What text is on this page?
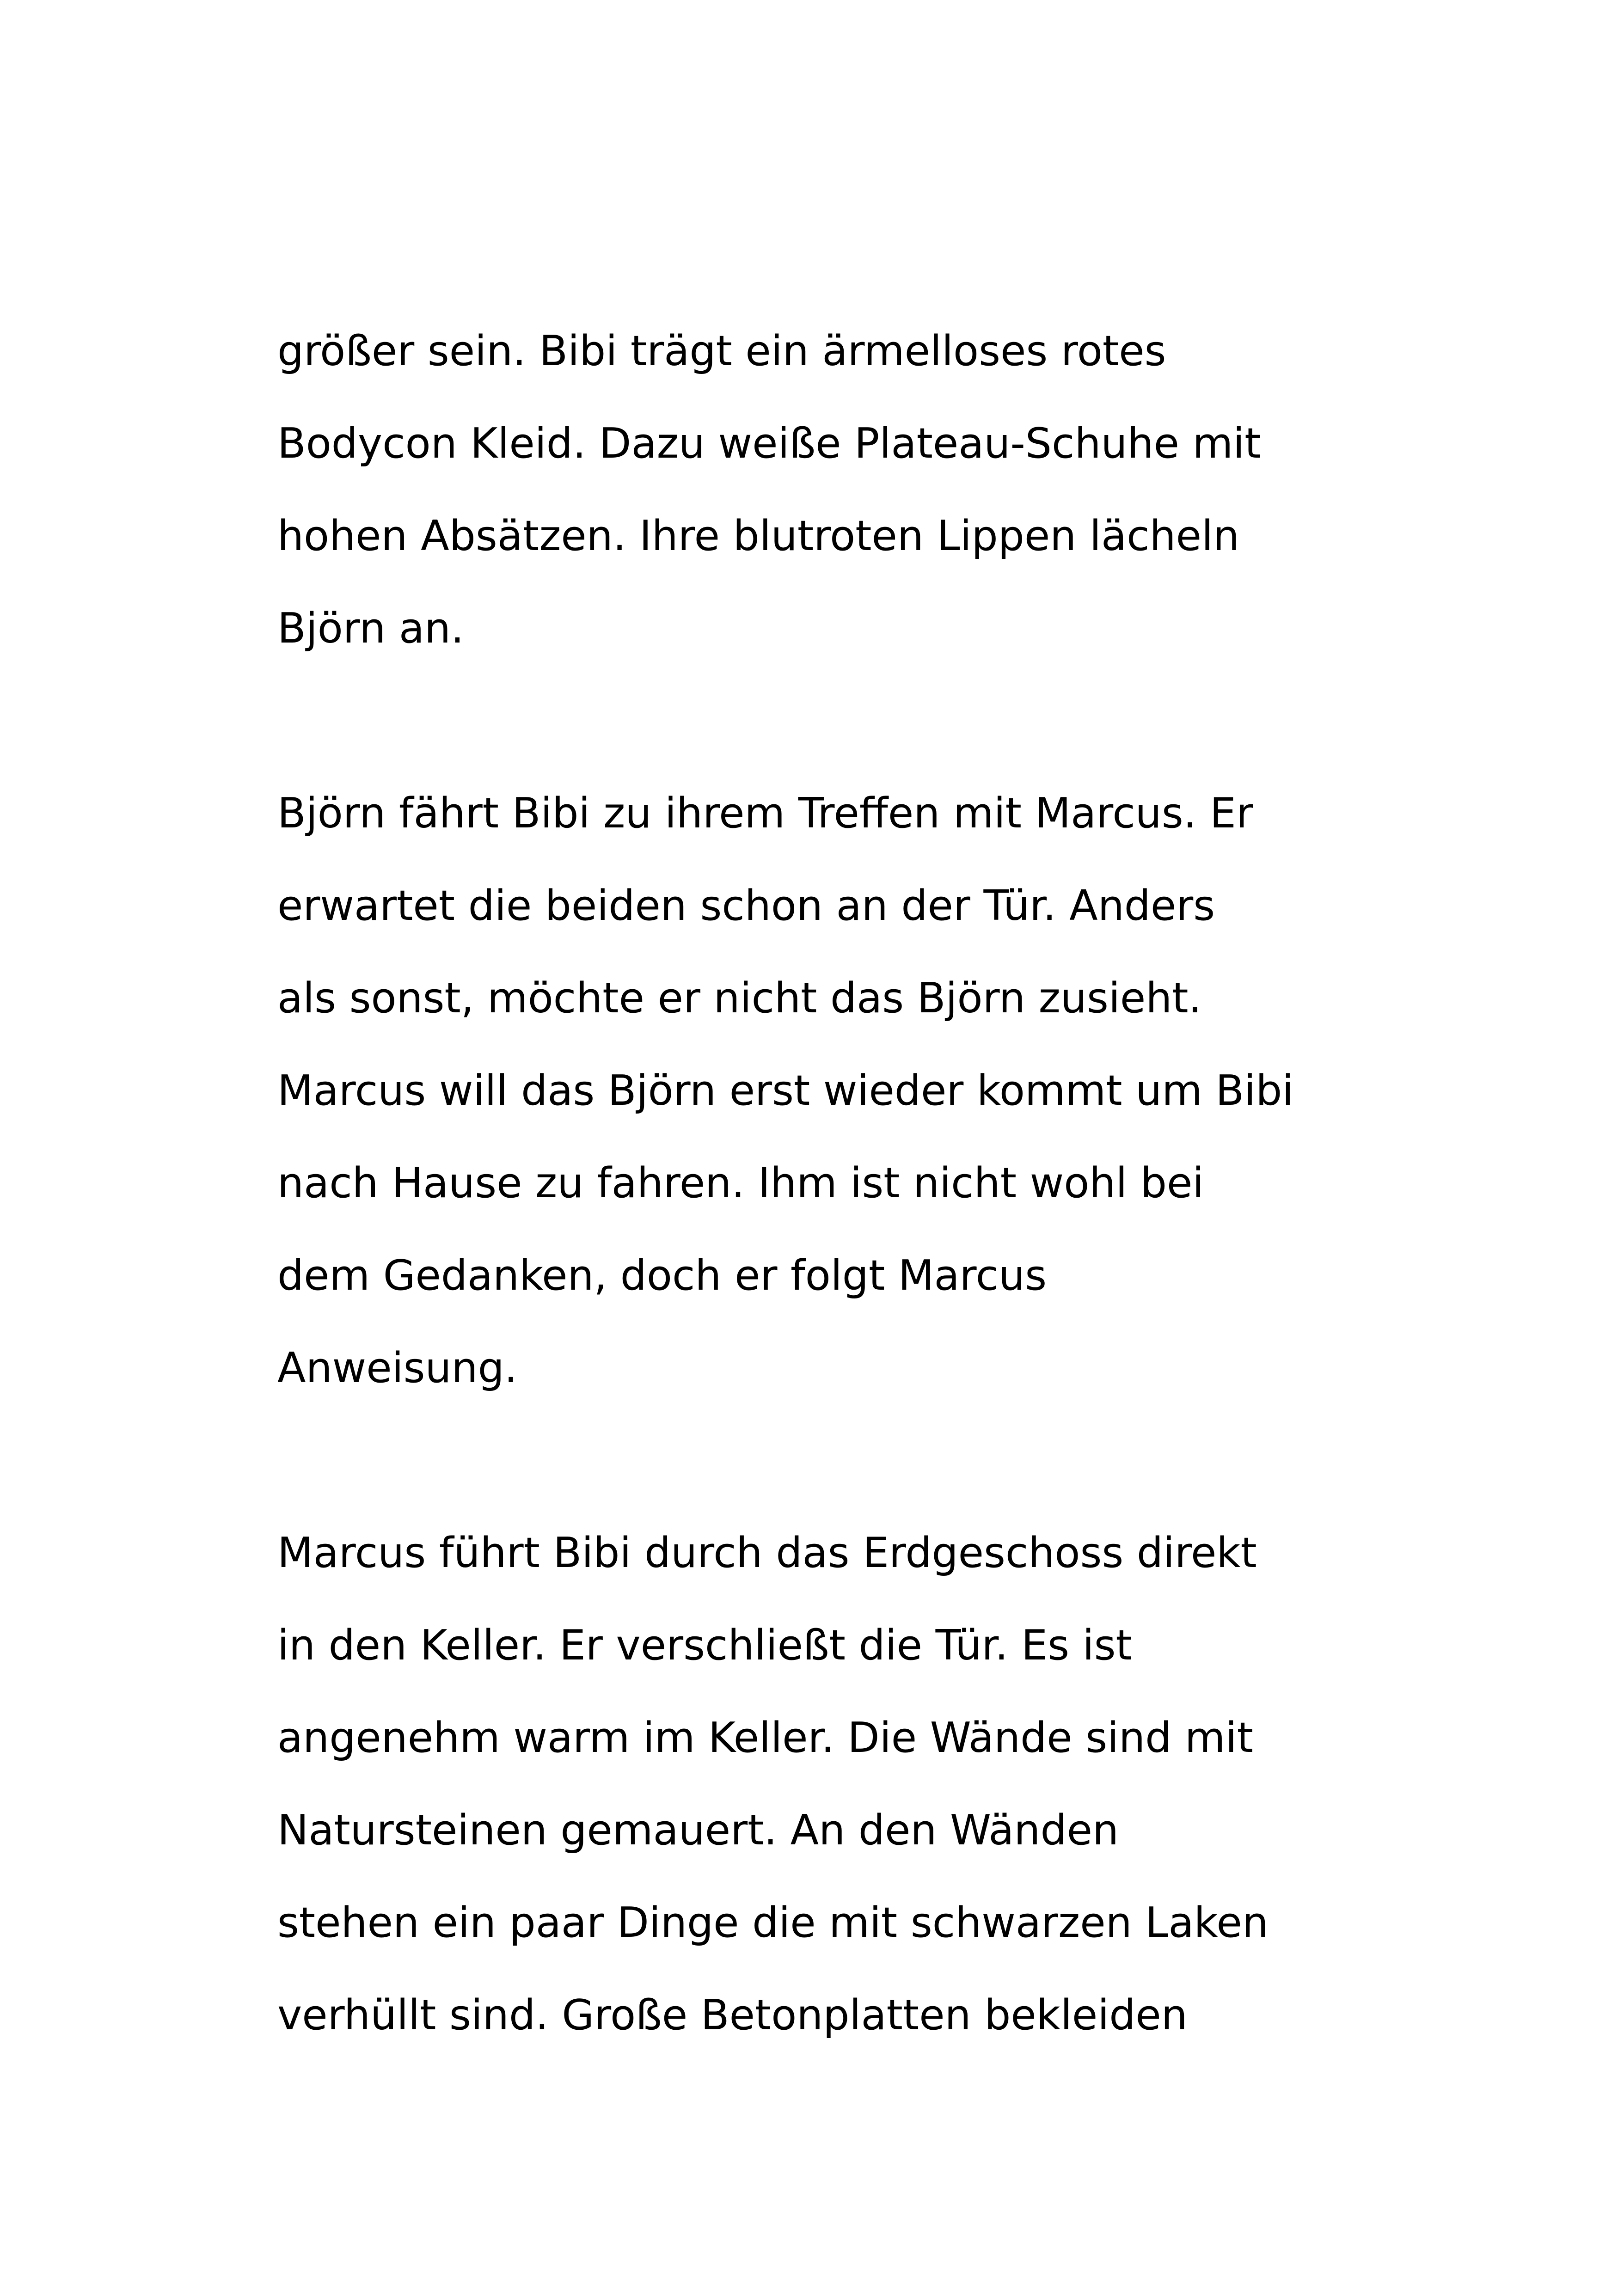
größer sein. Bibi trägt ein ärmelloses rotes
Bodycon Kleid. Dazu weiße Plateau-Schuhe mit
hohen Absätzen. Ihre blutroten Lippen lächeln
Björn an.

Björn fährt Bibi zu ihrem Treffen mit Marcus. Er
erwartet die beiden schon an der Tür. Anders
als sonst, möchte er nicht das Björn zusieht.
Marcus will das Björn erst wieder kommt um Bibi
nach Hause zu fahren. Ihm ist nicht wohl bei
dem Gedanken, doch er folgt Marcus
Anweisung.

Marcus führt Bibi durch das Erdgeschoss direkt
in den Keller. Er verschließt die Tür. Es ist
angenehm warm im Keller. Die Wände sind mit
Natursteinen gemauert. An den Wänden
stehen ein paar Dinge die mit schwarzen Laken
verhüllt sind. Große Betonplatten bekleiden
